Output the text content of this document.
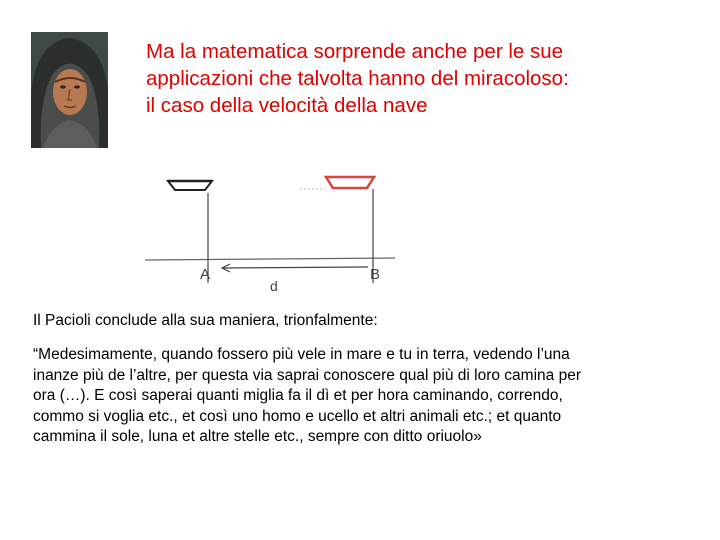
Ma la matematica sorprende anche per le sue
applicazioni che talvolta hanno del miracoloso:
il caso della velocità della nave
A	B
d

Il Pacioli conclude alla sua maniera, trionfalmente:

“Medesimamente, quando fossero più vele in mare e tu in terra, vedendo l’una
inanze più de l’altre, per questa via saprai conoscere qual più di loro camina per
ora (…). E così saperai quanti miglia fa il dì et per hora caminando, correndo,
commo si voglia etc., et così uno homo e ucello et altri animali etc.; et quanto
cammina il sole, luna et altre stelle etc., sempre con ditto oriuolo»
